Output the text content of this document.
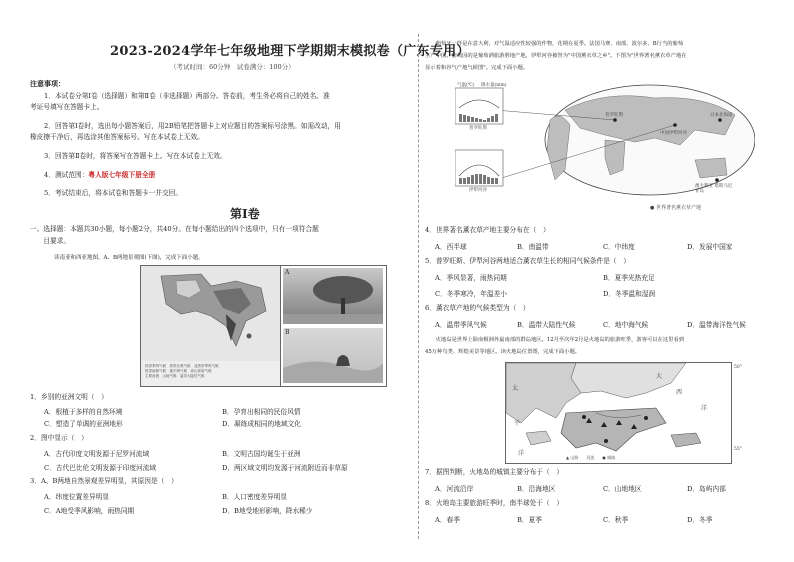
2023-2024学年七年级地理下学期期末模拟卷（广东专用）
（考试时间：60分钟　试卷满分：100分）
注意事项：
1．本试卷分第Ⅰ卷（选择题）和第Ⅱ卷（非选择题）两部分。答卷前，考生务必将自己的姓名、准
考证号填写在答题卡上。
2．回答第Ⅰ卷时，选出每小题答案后，用2B铅笔把答题卡上对应题目的答案标号涂黑。如需改动，用
橡皮擦干净后，再选涂其他答案标号。写在本试卷上无效。
3．回答第Ⅱ卷时，将答案写在答题卡上。写在本试卷上无效。
4．测试范围：粤人版七年级下册全册
5．考试结束后，将本试卷和答题卡一并交回。
第Ⅰ卷
一、选择题：本题共30小题，每小题2分，共40分。在每小题给出的四个选项中，只有一项符合题
　　目要求。
读南亚和西亚地图，A、B两地景观图(下图)，完成下面小题。
热带季风气候　 热带沙漠气候　 亚热带季风气候
热带雨林气候　 地中海气候　 高山高原气候
主要河流　 山地气候　 温带大陆性气候
A
B
1．乡别的亚洲文明（　）
A．根植于多样的自然环境	B．孕育出相同的民俗风情
C．塑造了单调的亚洲地形	D．凝练成相同的地域文化
2．图中显示（　）
A．古代印度文明发源于尼罗河流域	B．文明古国均诞生于亚洲
C．古代巴比伦文明发源于印度河流域	D．两区域文明均发源于河流附近而非草原
3．A、B两地自然景观差异明显，其原因是（　）
A．纬度位置差异明显	B．人口密度差异明显
C．A地受季风影响，雨热同期	D．B地受地形影响，降水稀少
　　葡萄牙一样是在意大利，对气温适应性较强的作物，花期在夏季。法国马赛、南部、波尔多、B行当的葡萄
生产中国。葡萄园的是葡萄酒旅游胜地产地，伊犁河谷被誉为"中国薰衣草之乡"。下图为"世界著名薰衣草产地在
显示着和谷气产地气候图"。完成下面小题。
气温(℃) 降水量(mm)
普罗旺斯
伊犁河谷
普罗旺斯
中国伊犁河谷
日本北海道
澳大利亚 塔斯马尼亚岛
● 世界著名薰衣草产地
4．世界著名薰衣草产地主要分布在（　）
A．西半球	B．南温带	C．中纬度	D．发展中国家
5．普罗旺斯、伊犁河谷两地适合薰衣草生长的相同气候条件是（　）
A．季风显著，雨热同期	B．夏季光热充足
C．冬季寒冷，年温差小	D．冬季温和湿润
6．薰衣草产地的气候类型为（　）
A．温带季风气候	B．温带大陆性气候	C．地中海气候	D．温带海洋性气候
　　火地岛是世界上除南极洲外最南部的群岛地区。12月至次年2月是火地岛的旅游旺季，游客可以在这里看到
45万种鸟类、辉煌美景等地区。读火地岛位置图，完成下面小题。
大
西
洋
太
平
洋
50°
55°
▲ 山脉　　 河流　　 ● 城镇
7．据图判断，火地岛的城镇主要分布于（　）
A．河流沿岸	B．沿海地区	C．山地地区	D．岛屿内部
8．火地岛主要旅游旺季时，南半球处于（　）
A．春季	B．夏季	C．秋季	D．冬季
